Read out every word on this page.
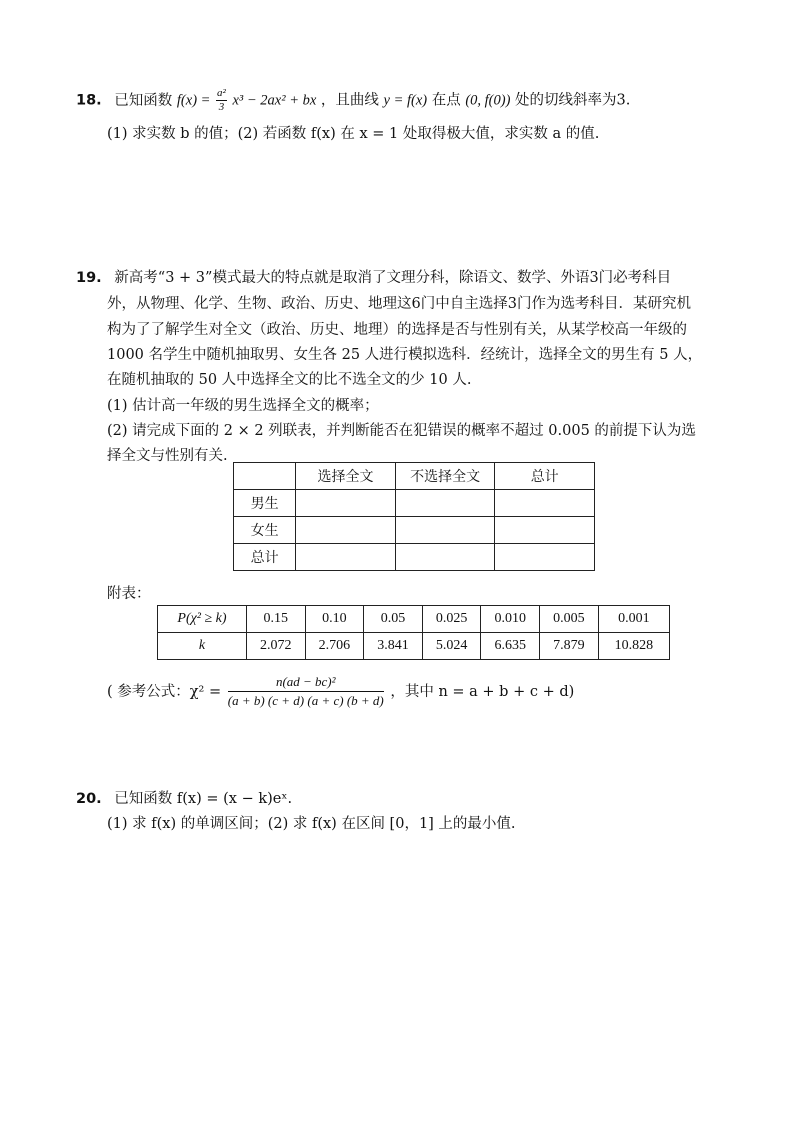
18. 已知函数 $f(x) = \frac{\text{a²}}{3} x^3 - 2ax^2$ + bx ，且曲线 y = f(x) 在点 (0, f(0)) 处的切线斜率为3.
(1) 求实数 b 的值；(2) 若函数 f(x) 在 x = 1 处取得极大值，求实数 a 的值.
19. 新高考“3 + 3”模式最大的特点就是取消了文理分科，除语文、数学、外语3门必考科目
外，从物理、化学、生物、政治、历史、地理这6门中自主选择3门作为选考科目．某研究机
构为了了解学生对全文（政治、历史、地理）的选择是否与性别有关，从某学校高一年级的
1000 名学生中随机抽取男、女生各 25 人进行模拟选科．经统计，选择全文的男生有 5 人，
在随机抽取的 50 人中选择全文的比不选全文的少 10 人.
(1) 估计高一年级的男生选择全文的概率；
(2) 请完成下面的 2 × 2 列联表，并判断能否在犯错误的概率不超过 0.005 的前提下认为选
择全文与性别有关.
	选择全文	不选择全文	总计
男生			
女生			
总计			
附表：
P(χ² ≥ k)	0.15	0.10	0.05	0.025	0.010	0.005	0.001
k	2.072	2.706	3.841	5.024	6.635	7.879	10.828
( 参考公式：$\chi^2 = \frac{\text{n(ad − bc)²}}{(a + b) (c + d) (a + c) (b + d)}$ ，其中 n = a + b + c + d)
20. 已知函数 f(x) = (x − k)eˣ.
(1) 求 f(x) 的单调区间；(2) 求 f(x) 在区间 [0，1] 上的最小值.
